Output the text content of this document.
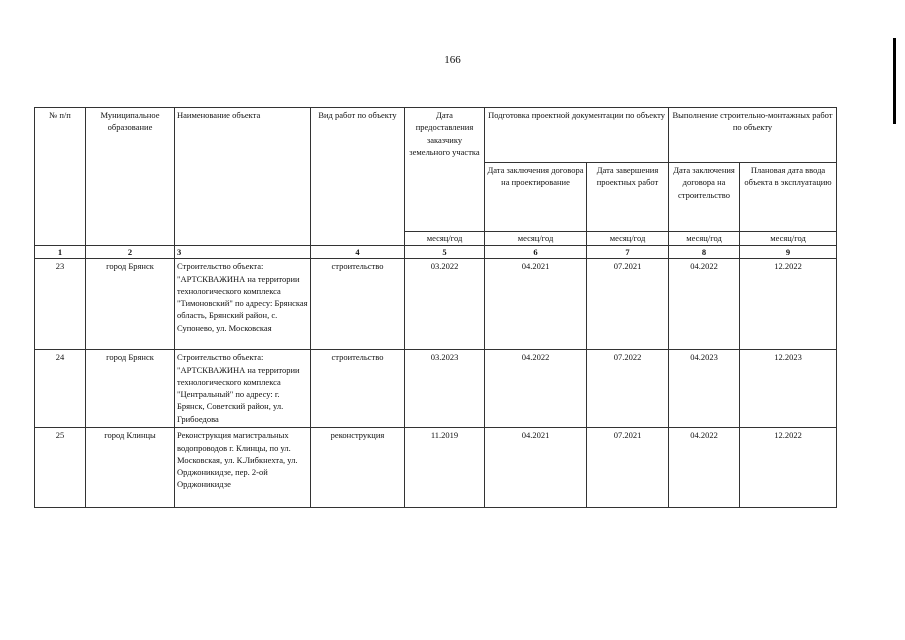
166
№ п/п	Муниципальное образование	Наименование объекта	Вид работ по объекту	Дата предоставления заказчику земельного участка	Подготовка проектной документации по объекту		Выполнение строительно-монтажных работ по объекту	
					Дата заключения договора на проектирование	Дата завершения проектных работ	Дата заключения договора на строительство	Плановая дата ввода объекта в эксплуатацию
				месяц/год	месяц/год	месяц/год	месяц/год	месяц/год
1	2	3	4	5	6	7	8	9
23	город Брянск	Строительство объекта: "АРТСКВАЖИНА на территории технологического комплекса "Тимоновский" по адресу: Брянская область, Брянский район, с. Супонево, ул. Московская	строительство	03.2022	04.2021	07.2021	04.2022	12.2022
24	город Брянск	Строительство объекта: "АРТСКВАЖИНА на территории технологического комплекса "Центральный" по адресу: г. Брянск, Советский район, ул. Грибоедова	строительство	03.2023	04.2022	07.2022	04.2023	12.2023
25	город Клинцы	Реконструкция магистральных водопроводов г. Клинцы, по ул. Московская, ул. К.Либкнехта, ул. Орджоникидзе, пер. 2-ой Орджоникидзе	реконструкция	11.2019	04.2021	07.2021	04.2022	12.2022
